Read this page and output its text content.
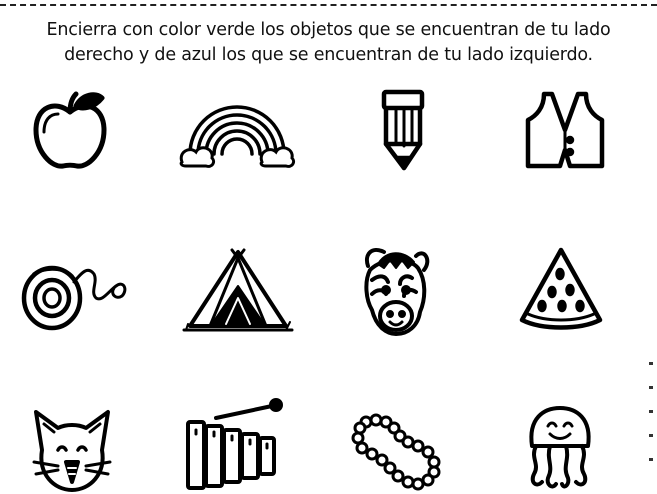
Encierra con color verde los objetos que se encuentran de tu lado
derecho y de azul los que se encuentran de tu lado izquierdo.
